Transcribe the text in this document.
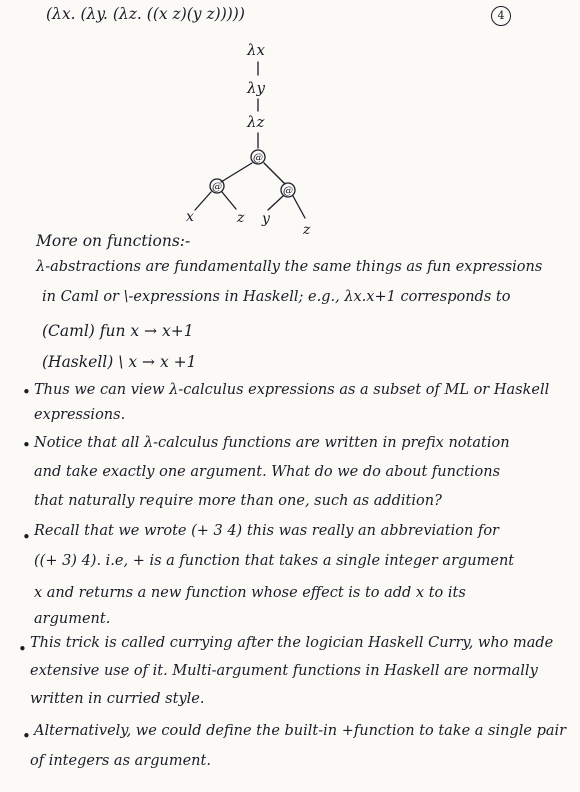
(λx. (λy. (λz. ((x z)(y z)))))	4
λx
λy
λz
@
@	@
x	z y
z
More on functions:-
λ-abstractions are fundamentally the same things as fun expressions
in Caml or \-expressions in Haskell; e.g., λx.x+1 corresponds to
(Caml) fun x → x+1
(Haskell) \ x → x +1
• Thus we can view λ-calculus expressions as a subset of ML or Haskell
expressions.
• Notice that all λ-calculus functions are written in prefix notation
and take exactly one argument. What do we do about functions
that naturally require more than one, such as addition?
• Recall that we wrote (+ 3 4) this was really an abbreviation for
((+ 3) 4). i.e, + is a function that takes a single integer argument
x and returns a new function whose effect is to add x to its
argument.
• This trick is called currying after the logician Haskell Curry, who made
extensive use of it. Multi-argument functions in Haskell are normally
written in curried style.
• Alternatively, we could define the built-in +function to take a single pair
of integers as argument.
